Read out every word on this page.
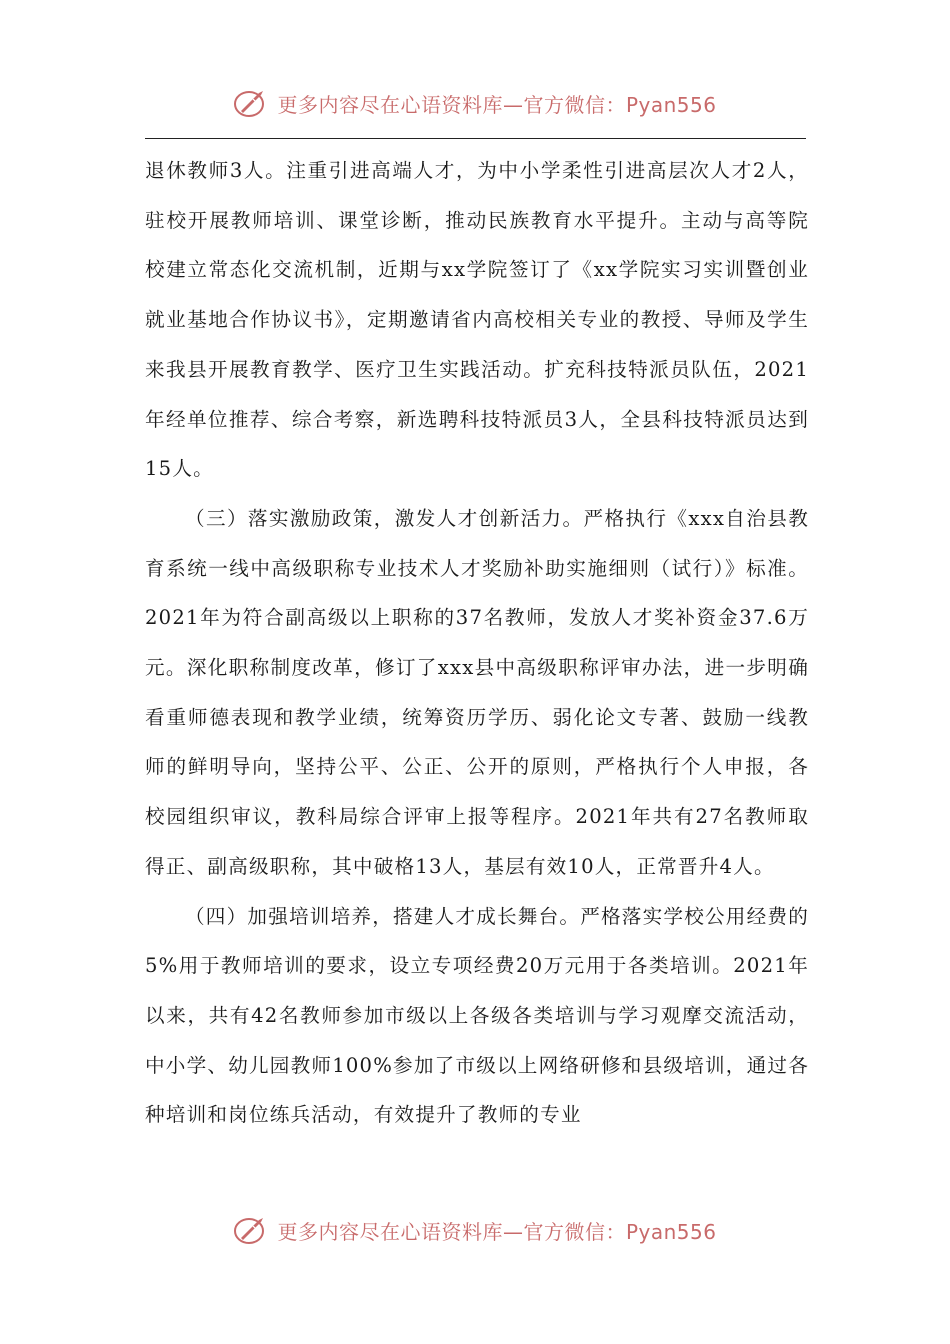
更多内容尽在心语资料库—官方微信：Pyan556

退休教师3人。注重引进高端人才，为中小学柔性引进高层次人才2人，驻校开展教师培训、课堂诊断，推动民族教育水平提升。主动与高等院校建立常态化交流机制，近期与xx学院签订了《xx学院实习实训暨创业就业基地合作协议书》，定期邀请省内高校相关专业的教授、导师及学生来我县开展教育教学、医疗卫生实践活动。扩充科技特派员队伍，2021年经单位推荐、综合考察，新选聘科技特派员3人，全县科技特派员达到15人。

（三）落实激励政策，激发人才创新活力。严格执行《xxx自治县教育系统一线中高级职称专业技术人才奖励补助实施细则（试行）》标准。2021年为符合副高级以上职称的37名教师，发放人才奖补资金37.6万元。深化职称制度改革，修订了xxx县中高级职称评审办法，进一步明确看重师德表现和教学业绩，统筹资历学历、弱化论文专著、鼓励一线教师的鲜明导向，坚持公平、公正、公开的原则，严格执行个人申报，各校园组织审议，教科局综合评审上报等程序。2021年共有27名教师取得正、副高级职称，其中破格13人，基层有效10人，正常晋升4人。

（四）加强培训培养，搭建人才成长舞台。严格落实学校公用经费的5%用于教师培训的要求，设立专项经费20万元用于各类培训。2021年以来，共有42名教师参加市级以上各级各类培训与学习观摩交流活动，中小学、幼儿园教师100%参加了市级以上网络研修和县级培训，通过各种培训和岗位练兵活动，有效提升了教师的专业

更多内容尽在心语资料库—官方微信：Pyan556
